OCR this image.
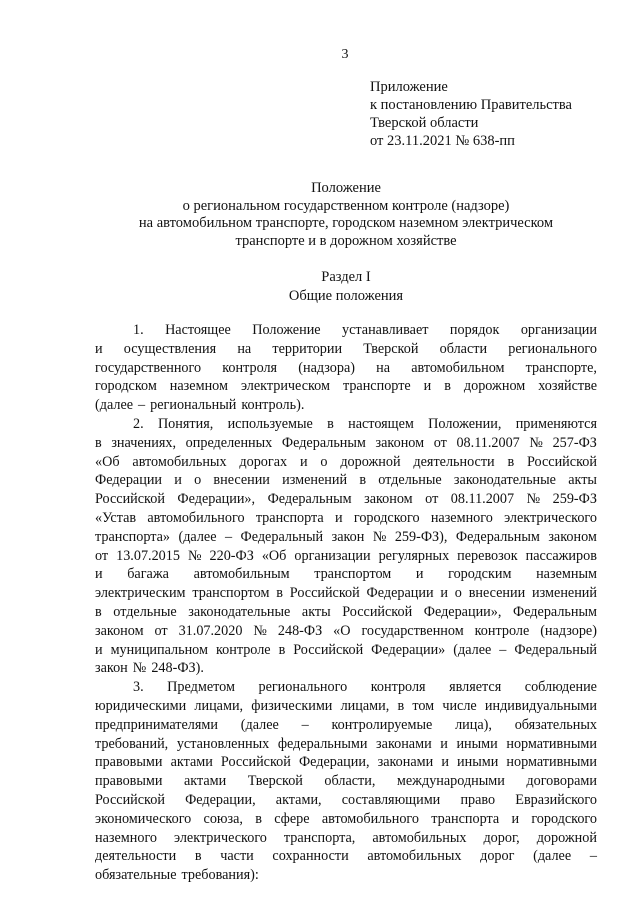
3
Приложение
к постановлению Правительства
Тверской области
от 23.11.2021 № 638-пп
Положение
о региональном государственном контроле (надзоре)
на автомобильном транспорте, городском наземном электрическом
транспорте и в дорожном хозяйстве
Раздел I
Общие положения
1. Настоящее Положение устанавливает порядок организации
и осуществления на территории Тверской области регионального
государственного контроля (надзора) на автомобильном транспорте,
городском наземном электрическом транспорте и в дорожном хозяйстве
(далее – региональный контроль).
2. Понятия, используемые в настоящем Положении, применяются
в значениях, определенных Федеральным законом от 08.11.2007 № 257-ФЗ
«Об автомобильных дорогах и о дорожной деятельности в Российской
Федерации и о внесении изменений в отдельные законодательные акты
Российской Федерации», Федеральным законом от 08.11.2007 № 259-ФЗ
«Устав автомобильного транспорта и городского наземного электрического
транспорта» (далее – Федеральный закон № 259-ФЗ), Федеральным законом
от 13.07.2015 № 220-ФЗ «Об организации регулярных перевозок пассажиров
и багажа автомобильным транспортом и городским наземным
электрическим транспортом в Российской Федерации и о внесении изменений
в отдельные законодательные акты Российской Федерации», Федеральным
законом от 31.07.2020 № 248-ФЗ «О государственном контроле (надзоре)
и муниципальном контроле в Российской Федерации» (далее – Федеральный
закон № 248-ФЗ).
3. Предметом регионального контроля является соблюдение
юридическими лицами, физическими лицами, в том числе индивидуальными
предпринимателями (далее – контролируемые лица), обязательных
требований, установленных федеральными законами и иными нормативными
правовыми актами Российской Федерации, законами и иными нормативными
правовыми актами Тверской области, международными договорами
Российской Федерации, актами, составляющими право Евразийского
экономического союза, в сфере автомобильного транспорта и городского
наземного электрического транспорта, автомобильных дорог, дорожной
деятельности в части сохранности автомобильных дорог (далее –
обязательные требования):
